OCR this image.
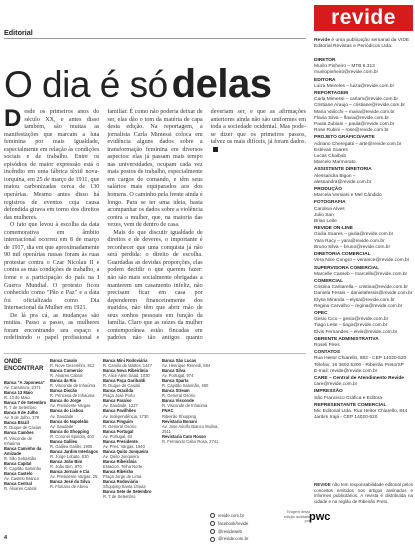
Editorial
O dia é só delas

Desde os primeiros anos do século XX, e antes disso também, são muitas as manifestações que marcam a luta feminina por mais igualdade, especialmente em relação às condições sociais e de trabalho. Entre os episódios de maior expressão está o incêndio em uma fábrica têxtil nova-iorquina, em 25 de março de 1911, que matou carbonizadas cerca de 130 operárias. Mesmo antes disso há registros de eventos cuja causa defendida girava em torno dos direitos das mulheres.

O fato que levou à escolha da data comemorativa em âmbito internacional ocorreu em 8 de março de 1917, dia em que aproximadamente 90 mil operárias russas foram às ruas protestar contra o Czar Nicolau II e contra as más condições de trabalho, a fome e a participação do país na I Guerra Mundial. O protesto ficou conhecido como "Pão e Paz" e a data foi oficializada como Dia Internacional da Mulher em 1921.

De lá pra cá, as mudanças são muitas. Passo a passo, as mulheres foram encontrando seu espaço e redefinindo o papel profissional e familiar. É como não poderia deixar de ser, elas dão o tom da matéria de capa desta edição. Na reportagem, a jornalista Carla Mimessi coloca em evidência alguns dados sobre a transformação feminina em diversos aspectos: elas já passam mais tempo nas universidades, ocupam cada vez mais postos de trabalho, especialmente em cargos de comando, e têm seus salários mais equiparados aos dos homens. O caminho pela frente ainda é longo. Para se ter uma ideia, basta acompanhar os dados sobre a violência contra a mulher, que, na maioria das vezes, vem de dentro de casa.

Mais do que discutir igualdade de direitos e de deveres, o importante é reconhecer que uma conquista já não será perdida: o direito de escolha. Guardadas as devidas proporções, elas podem decidir o que querem fazer: não são mais socialmente obrigadas a manterem um casamento infeliz, não precisam ficar em casa por dependerem financeiramente dos maridos, não têm que abrir mão de seus sonhos pessoais em função da família. Claro que as raízes da mulher contemporânea estão fincadas em padrões não tão antigos quanto deveriam ser, e que as afirmações anteriores ainda não são uniformes em toda a sociedade ocidental. Mas pode-se dizer que os primeiros passos, talvez os mais difíceis, já foram dados.

ONDE
ENCONTRAR
Banca "A Japonesa"
Av. Caramuru, 2371
Banca 13 Maio
R. 13 de Maio
Banca 7 de Setembro
R. 7 de Setembro
Banca 9 de Julho
Av. 9 de Julho, 378
Banca Brazil
R. Duque de Caxias
Banca Camões
R. Visconde de Inhaúma
Banca Caminho da Amizade
R. São Sebastião
Banca Capital
R. Capitão Salomão
Banca Castelo
Av. Castelo Branco
Banca Central
R. Álvares Cabral
Banca Cavalo
R. Nove Dezembro, 812
Banca Comercio
R. Álvares Cabral
Banca da Rio
R. Visconde de Inhaúma
Banca Discão
R. Princesa de Inhaúma
Banca do Jorge
Av. Presidente Vargas
Banca do Lisboa
Av. Saudade
Banca do Napoleão
Av. Saudade
Banca do Shopping
R. Coronel Spinola, 403
Banca Galileu
R. Galileu Galilei, 1905
Banca Jardim Interlagos
R. Jorge Lobato, 630
Banca João Bim
R. João Bim, 870
Banca Jornais e Cia
Av. Presidente Vargas, 25
Banca José da Silva
R. Floriano de Abreu
Banca Mini Rodoviária
R. Camilo de Mattos, 1447
Banca Nova Ribeirânia
R. Alice Além Saad, 1030
Banca Paça Garibaldi
R. Duque de Caxias
Banca Oracilda
Praça José Porto
Banca Paraíso
Av. Saudade, 1227
Banca Pavilhões
Av. Independência, 1730
Banca Pinguim
R. General Osório
Banca Portugal
Av. Portugal, 63
Banca Presidente
Av. Pres. Vargas, 1940
Banca Quito Junqueira
Av. Quito Junqueira
Banca Ribeirânia
Estacion. Telha Norte
Banca Ribeirão
Praça Jorge de Lima
Banca Rodoviária
Shopping Santa Úrsula
Banca Sete de Setembro
R. 7 de Setembro
Banca São Lucas
Av. Henrique Remedi, 684
Banca Silva
Av. Portugal, 974
Banca Sparta
R. Capitão Salomão, 480
Banca Stream
R. General Osório
Banca Visconde
R. Visconde de Inhaúma
FNAC
Ribeirão Shopping
Revistaria Bonani
Av. Jose Adolfo Bianco Molina, 2511
Revistaria Cato Rosso
R. Fernando Cabo Rosa, 2741
revide.com.br
facebook/revide
@revideweb
@revide.com.br
Tiragem desta edição auditada por pwc
4
revide
Revide é uma publicação semanal da VIDE Editorial Revistas e Periódicos Ltda.
DIRETOR
Murilo Pinheiro – MTB 6.313
murilopinheiro@revide.com.br
EDITORA
Luiza Meireles – luiza@revide.com.br
REPORTAGEM
Carla Mimessi – carlam@revide.com.br
Cristiane Araujo – cristiane@revide.com.br
Maria Valicchi – maria@revide.com.br
Flavia Silva – flavia@revide.com.br
Paula Zubiani – paula@revide.com.br
Rose Rubini – rose@revide.com.br
PROJETO GRÁFICO/ARTE
Adriano Cheregatti – arte@revide.com.br
Estevan Soares
Lucas Chaibub
Marcelo Marmorato
ASSISTENTE DIRETORIA
Alessandra Bigon – alessandra@revide.com.br
PRODUÇÃO
Marcela Versiani e Mel Cândido
FOTOGRAFIA
Carolina Alves
Julio San
Brian Leite
REVIDE ON-LINE
Giulia Soares – giulia@revide.com.br
Yara Racy – yara@revide.com.br
Bruno Silva – bruno@revide.com.br
DIRETORIA COMERCIAL
Vera Nice Congro – veranice@revide.com.br
SUPERVISORA COMERCIAL
Marcelle Casseb – marcelle@revide.com.br
COMERCIAL
Cristina Cantarella – cristina@revide.com.br
Daniela Fessis – danielafessis@revide.com.br
Elysa Miranda – elysa@revide.com.br
Regina Carvalho – regina@revide.com.br
OPEC
Gesio Cico – gesio@revide.com.br
Tiago Leite – tiago@revide.com.br
Elvis Fernandes – elvis@revide.com.br
GERENTE ADMINISTRATIVA
Roseli Pires
CONTATOS
Rua Heitor Chiarello, 882 - CEP 14020-520
Telefax: 16 3602.5200 - Ribeirão Preto/SP
E-mail: revide@revide.com.br
CARE – Central de Atendimento Revide
care@revide.com.br
IMPRESSÃO
São Francisco Gráfica e Editora
REPRESENTANTE COMERCIAL
Mic Editorial Ltda. Rua Heitor Chiarello, 844
Jardim Irajá - CEP 14020-520
REVIDE não tem responsabilidade editorial pelos conceitos emitidos nos artigos assinados e informes publicitários. A revista é distribuída na cidade e na região de Ribeirão Preto.
